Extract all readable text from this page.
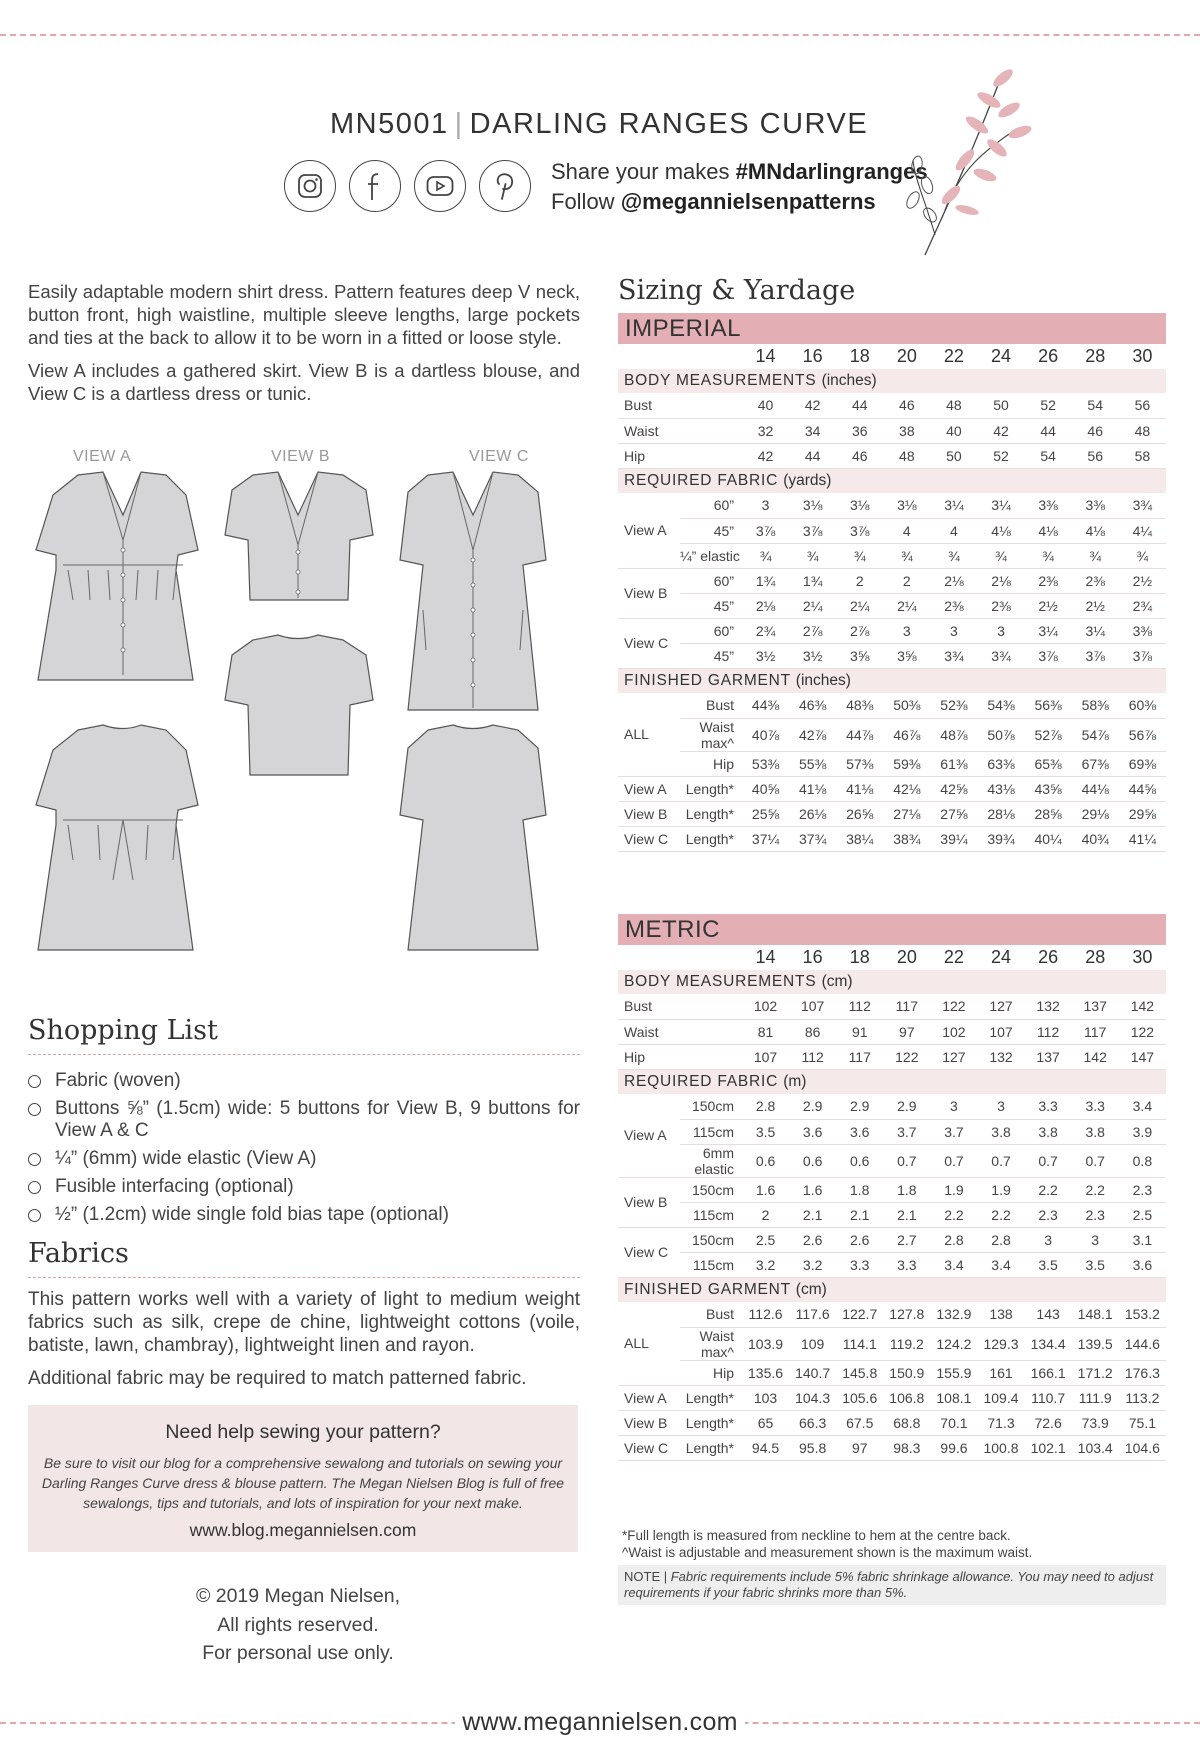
MN5001 | DARLING RANGES CURVE
Share your makes #MNdarlingranges
Follow @megannielsenpatterns

Easily adaptable modern shirt dress. Pattern features deep V neck, button front, high waistline, multiple sleeve lengths, large pockets and ties at the back to allow it to be worn in a fitted or loose style.

View A includes a gathered skirt. View B is a dartless blouse, and View C is a dartless dress or tunic.

VIEW A	VIEW B	VIEW C
Shopping List
Fabric (woven)
Buttons ⅝” (1.5cm) wide: 5 buttons for View B, 9 buttons for View A & C
¼” (6mm) wide elastic (View A)
Fusible interfacing (optional)
½” (1.2cm) wide single fold bias tape (optional)
Fabrics

This pattern works well with a variety of light to medium weight fabrics such as silk, crepe de chine, lightweight cottons (voile, batiste, lawn, chambray), lightweight linen and rayon.

Additional fabric may be required to match patterned fabric.

Need help sewing your pattern?

Be sure to visit our blog for a comprehensive sewalong and tutorials on sewing your Darling Ranges Curve dress & blouse pattern. The Megan Nielsen Blog is full of free sewalongs, tips and tutorials, and lots of inspiration for your next make.

www.blog.megannielsen.com
© 2019 Megan Nielsen,
All rights reserved.
For personal use only.
Sizing & Yardage
IMPERIAL										
		14	16	18	20	22	24	26	28	30
BODY MEASUREMENTS (inches)										
Bust		40	42	44	46	48	50	52	54	56
Waist		32	34	36	38	40	42	44	46	48
Hip		42	44	46	48	50	52	54	56	58
REQUIRED FABRIC (yards)										
View A	60”	3	3⅛	3⅛	3⅛	3¼	3¼	3⅜	3⅜	3¾
	45”	3⅞	3⅞	3⅞	4	4	4⅛	4⅛	4⅛	4¼
	¼” elastic	¾	¾	¾	¾	¾	¾	¾	¾	¾
View B	60”	1¾	1¾	2	2	2⅛	2⅛	2⅜	2⅜	2½
	45”	2⅛	2¼	2¼	2¼	2⅜	2⅜	2½	2½	2¾
View C	60”	2¾	2⅞	2⅞	3	3	3	3¼	3¼	3⅜
	45”	3½	3½	3⅝	3⅝	3¾	3¾	3⅞	3⅞	3⅞
FINISHED GARMENT (inches)										
ALL	Bust	44⅜	46⅜	48⅜	50⅜	52⅜	54⅜	56⅜	58⅜	60⅜
	Waist max^	40⅞	42⅞	44⅞	46⅞	48⅞	50⅞	52⅞	54⅞	56⅞
	Hip	53⅜	55⅜	57⅜	59⅜	61⅜	63⅜	65⅜	67⅜	69⅜
View A	Length*	40⅝	41⅛	41⅛	42⅛	42⅝	43⅛	43⅝	44⅛	44⅝
View B	Length*	25⅝	26⅛	26⅝	27⅛	27⅝	28⅛	28⅝	29⅛	29⅝
View C	Length*	37¼	37¾	38¼	38¾	39¼	39¾	40¼	40¾	41¼
METRIC										
		14	16	18	20	22	24	26	28	30
BODY MEASUREMENTS (cm)										
Bust		102	107	112	117	122	127	132	137	142
Waist		81	86	91	97	102	107	112	117	122
Hip		107	112	117	122	127	132	137	142	147
REQUIRED FABRIC (m)										
View A	150cm	2.8	2.9	2.9	2.9	3	3	3.3	3.3	3.4
	115cm	3.5	3.6	3.6	3.7	3.7	3.8	3.8	3.8	3.9
	6mm elastic	0.6	0.6	0.6	0.7	0.7	0.7	0.7	0.7	0.8
View B	150cm	1.6	1.6	1.8	1.8	1.9	1.9	2.2	2.2	2.3
	115cm	2	2.1	2.1	2.1	2.2	2.2	2.3	2.3	2.5
View C	150cm	2.5	2.6	2.6	2.7	2.8	2.8	3	3	3.1
	115cm	3.2	3.2	3.3	3.3	3.4	3.4	3.5	3.5	3.6
FINISHED GARMENT (cm)										
ALL	Bust	112.6	117.6	122.7	127.8	132.9	138	143	148.1	153.2
	Waist max^	103.9	109	114.1	119.2	124.2	129.3	134.4	139.5	144.6
	Hip	135.6	140.7	145.8	150.9	155.9	161	166.1	171.2	176.3
View A	Length*	103	104.3	105.6	106.8	108.1	109.4	110.7	111.9	113.2
View B	Length*	65	66.3	67.5	68.8	70.1	71.3	72.6	73.9	75.1
View C	Length*	94.5	95.8	97	98.3	99.6	100.8	102.1	103.4	104.6
*Full length is measured from neckline to hem at the centre back.
^Waist is adjustable and measurement shown is the maximum waist.
NOTE | Fabric requirements include 5% fabric shrinkage allowance. You may need to adjust requirements if your fabric shrinks more than 5%.
www.megannielsen.com
